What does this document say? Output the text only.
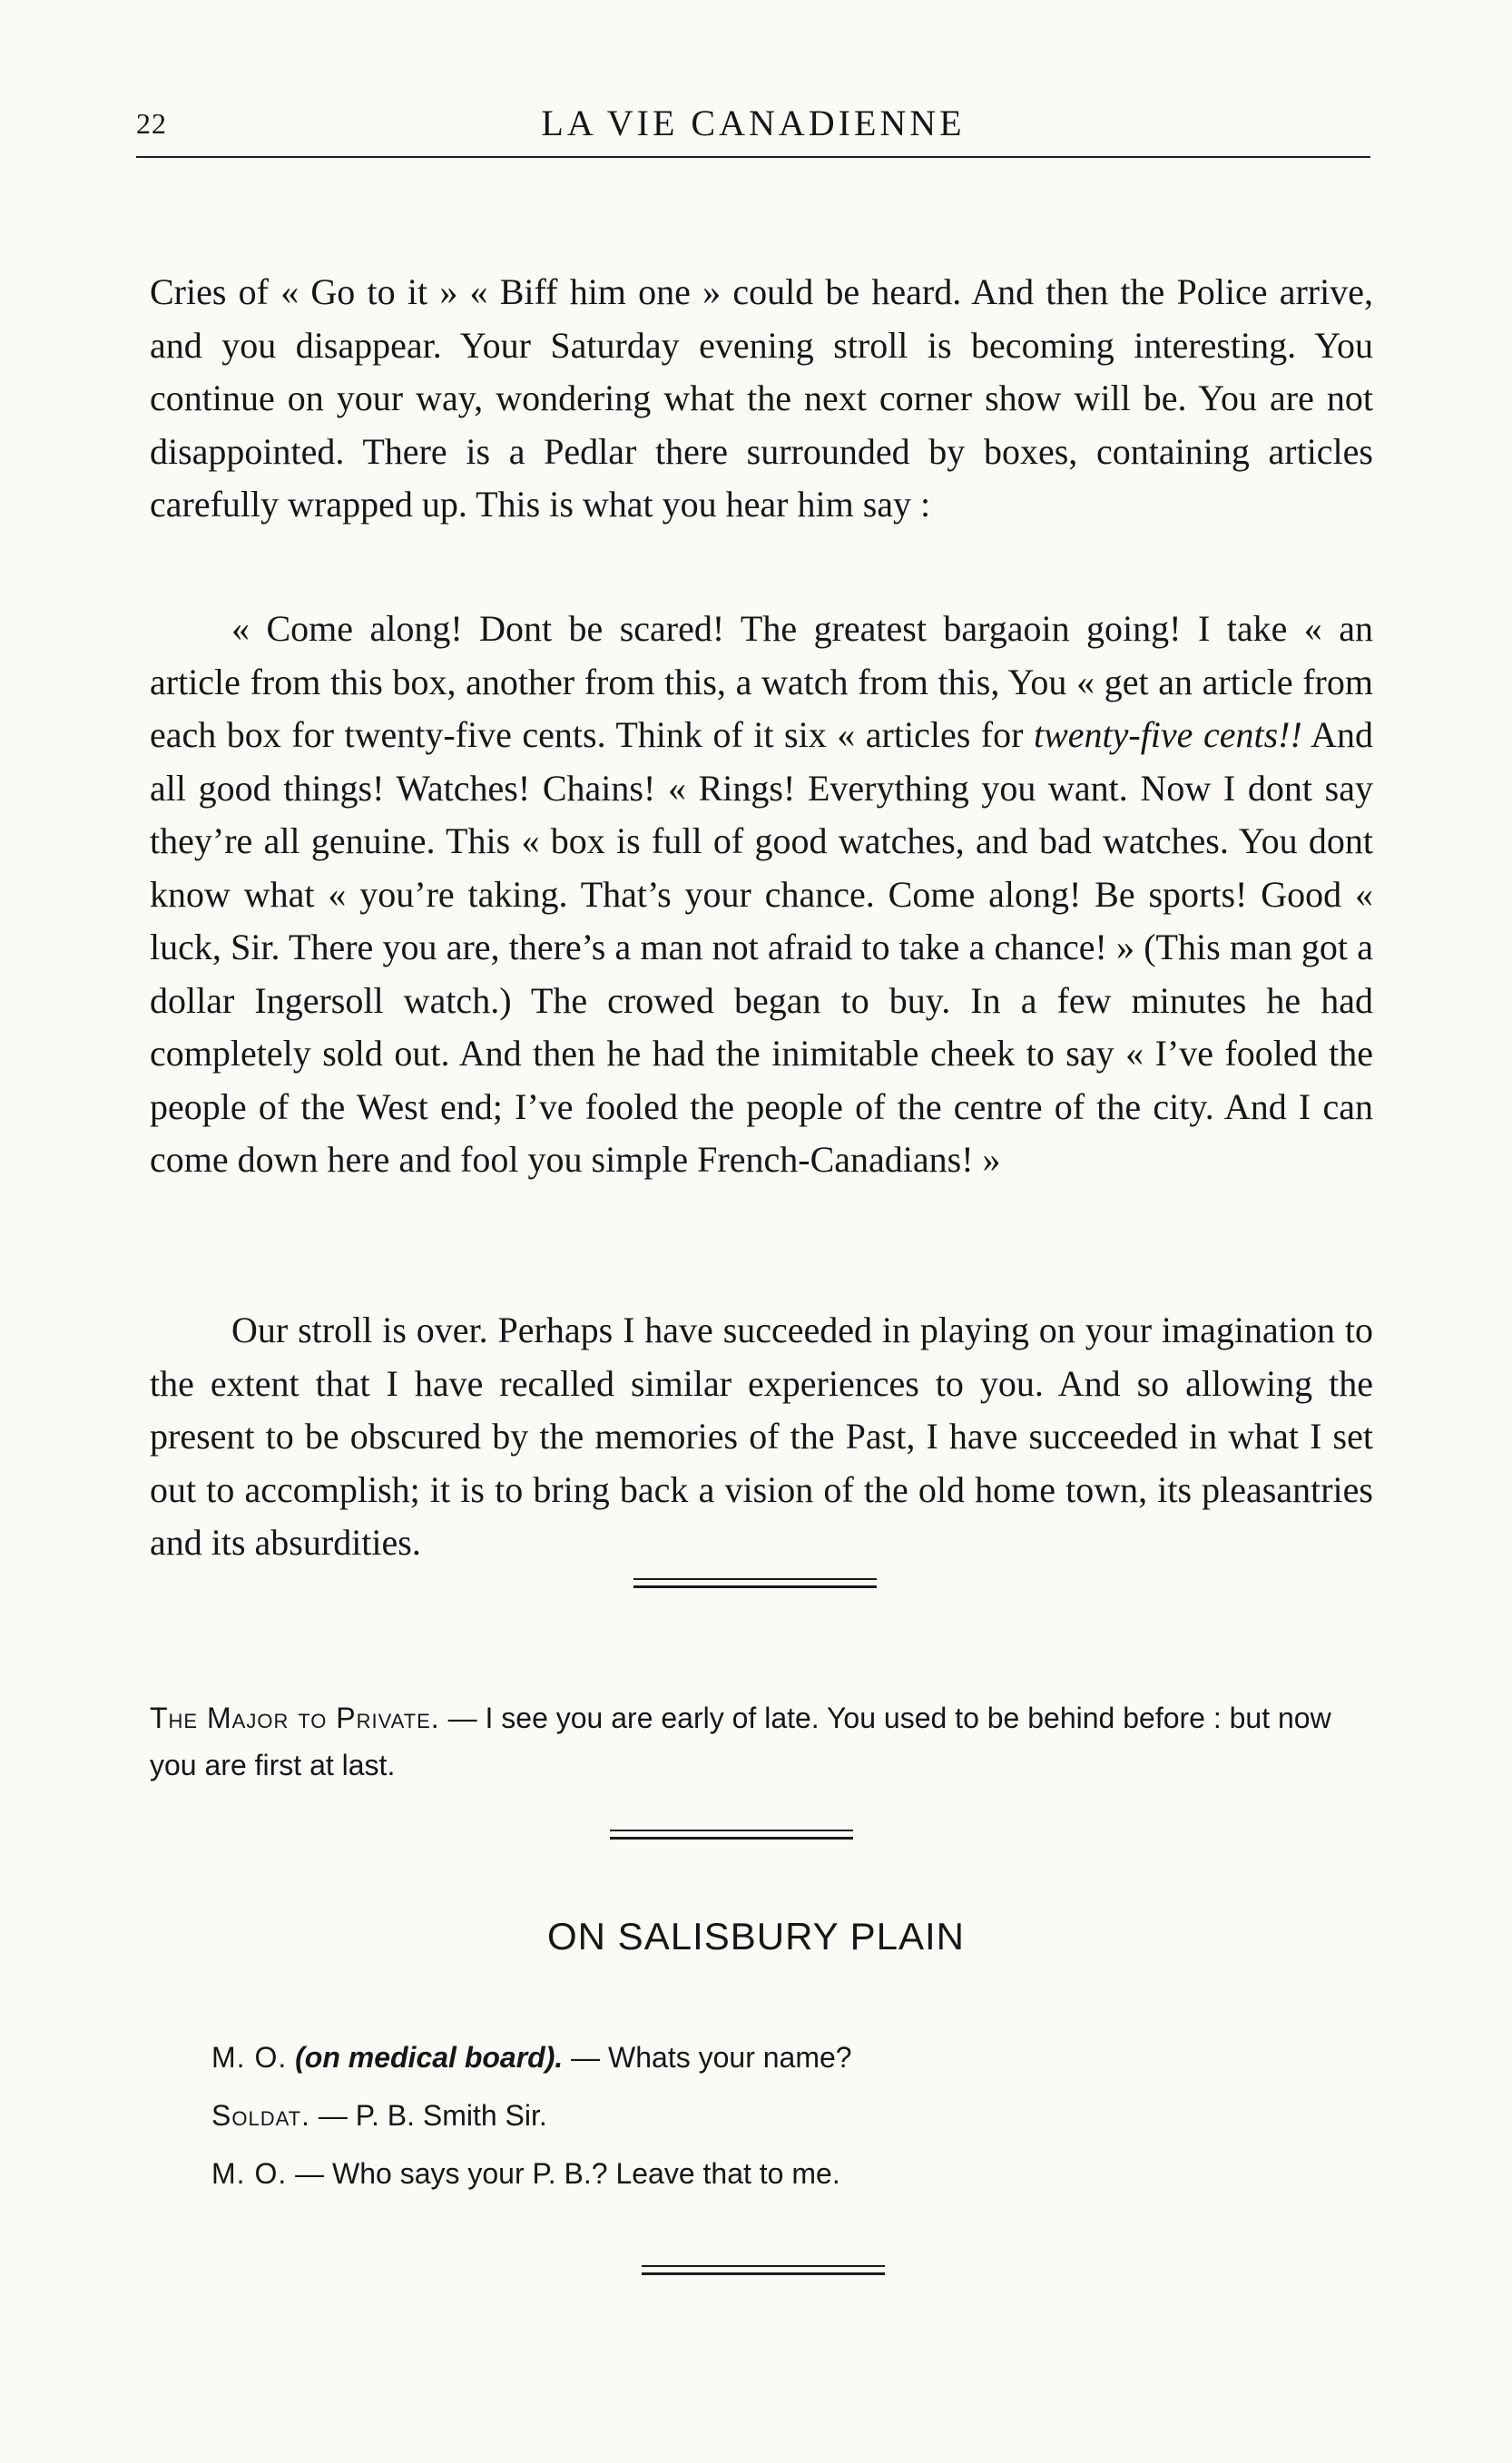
22	LA VIE CANADIENNE

Cries of « Go to it » « Biff him one » could be heard. And then the Police arrive, and you disappear. Your Saturday evening stroll is becoming interesting. You continue on your way, wondering what the next corner show will be. You are not disappointed. There is a Pedlar there surrounded by boxes, containing articles carefully wrapped up. This is what you hear him say :

« Come along! Dont be scared! The greatest bargaoin going! I take « an article from this box, another from this, a watch from this, You « get an article from each box for twenty-five cents. Think of it six « articles for twenty-five cents!! And all good things! Watches! Chains! « Rings! Everything you want. Now I dont say they’re all genuine. This « box is full of good watches, and bad watches. You dont know what « you’re taking. That’s your chance. Come along! Be sports! Good « luck, Sir. There you are, there’s a man not afraid to take a chance! » (This man got a dollar Ingersoll watch.) The crowed began to buy. In a few minutes he had completely sold out. And then he had the inimitable cheek to say « I’ve fooled the people of the West end; I’ve fooled the people of the centre of the city. And I can come down here and fool you simple French-Canadians! »

Our stroll is over. Perhaps I have succeeded in playing on your imagination to the extent that I have recalled similar experiences to you. And so allowing the present to be obscured by the memories of the Past, I have succeeded in what I set out to accomplish; it is to bring back a vision of the old home town, its pleasantries and its absurdities.

The Major to Private. — I see you are early of late. You used to be behind before : but now you are first at last.

ON SALISBURY PLAIN
M. O. (on medical board). — Whats your name?
Soldat. — P. B. Smith Sir.
M. O. — Who says your P. B.? Leave that to me.
